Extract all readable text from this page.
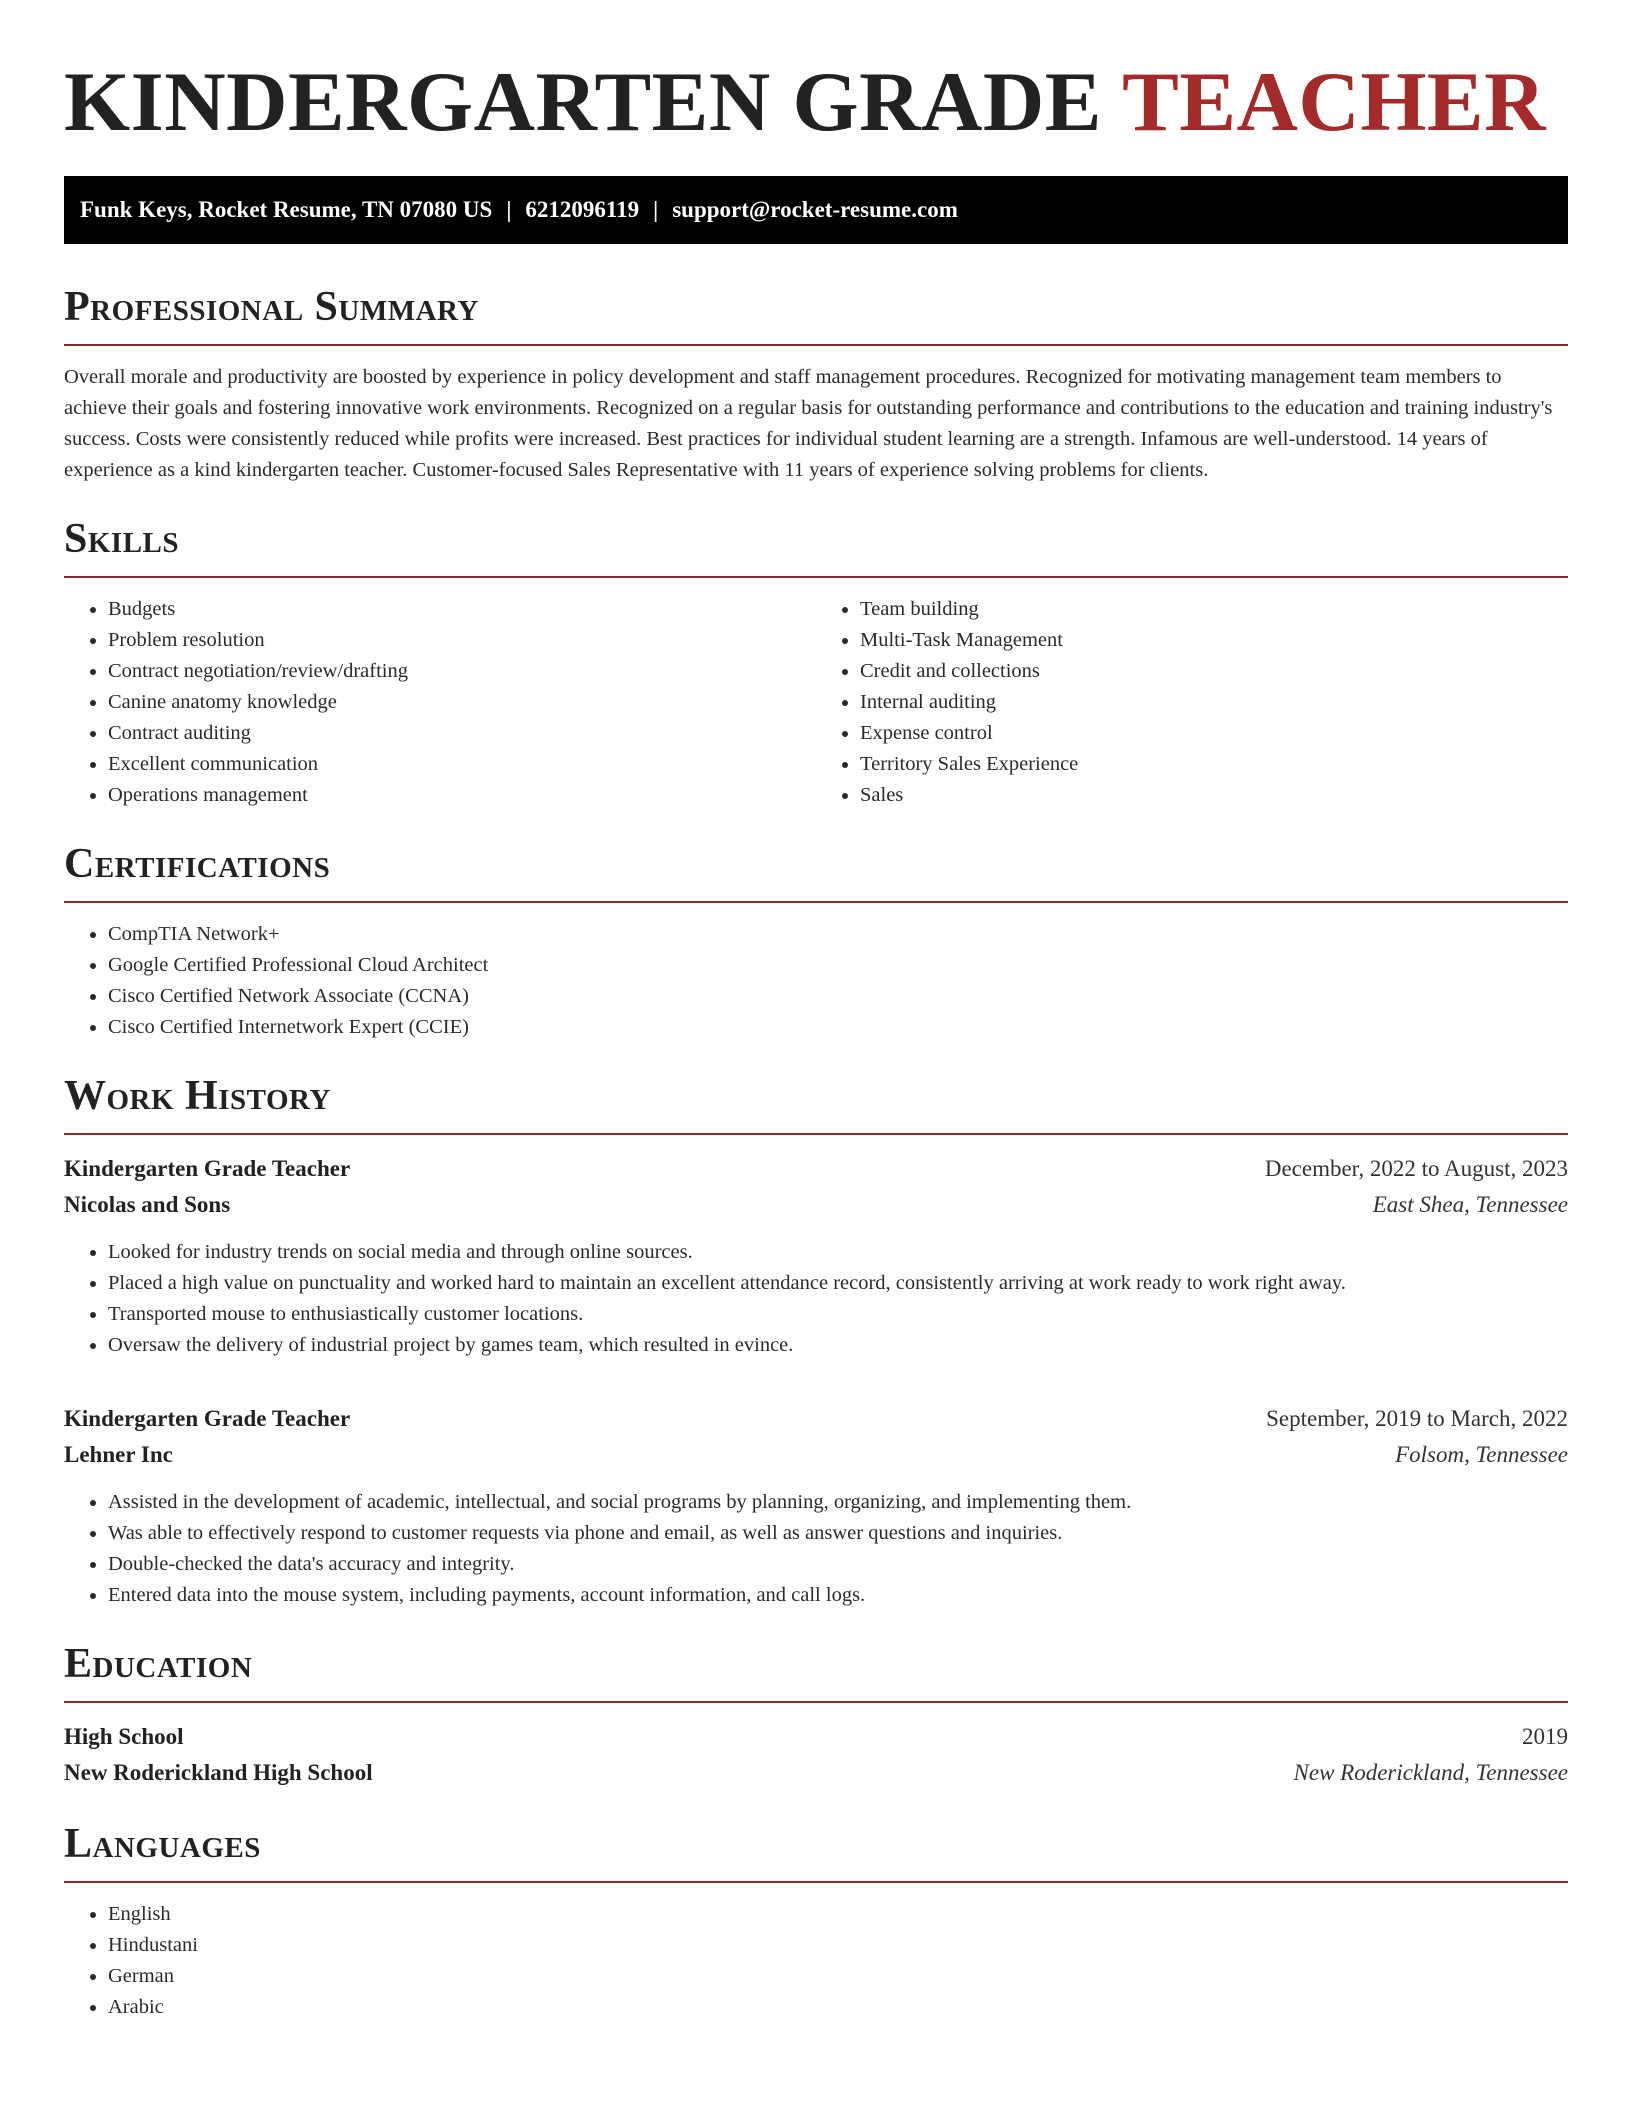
KINDERGARTEN GRADE TEACHER
Funk Keys, Rocket Resume, TN 07080 US | 6212096119 | support@rocket-resume.com
Professional Summary

Overall morale and productivity are boosted by experience in policy development and staff management procedures. Recognized for motivating management team members to achieve their goals and fostering innovative work environments. Recognized on a regular basis for outstanding performance and contributions to the education and training industry's success. Costs were consistently reduced while profits were increased. Best practices for individual student learning are a strength. Infamous are well-understood. 14 years of experience as a kind kindergarten teacher. Customer-focused Sales Representative with 11 years of experience solving problems for clients.

Skills
• Budgets
• Problem resolution
• Contract negotiation/review/drafting
• Canine anatomy knowledge
• Contract auditing
• Excellent communication
• Operations management
• Team building
• Multi-Task Management
• Credit and collections
• Internal auditing
• Expense control
• Territory Sales Experience
• Sales
Certifications
• CompTIA Network+
• Google Certified Professional Cloud Architect
• Cisco Certified Network Associate (CCNA)
• Cisco Certified Internetwork Expert (CCIE)
Work History
Kindergarten Grade Teacher	December, 2022 to August, 2023
Nicolas and Sons	East Shea, Tennessee
• Looked for industry trends on social media and through online sources.
• Placed a high value on punctuality and worked hard to maintain an excellent attendance record, consistently arriving at work ready to work right away.
• Transported mouse to enthusiastically customer locations.
• Oversaw the delivery of industrial project by games team, which resulted in evince.
Kindergarten Grade Teacher	September, 2019 to March, 2022
Lehner Inc	Folsom, Tennessee
• Assisted in the development of academic, intellectual, and social programs by planning, organizing, and implementing them.
• Was able to effectively respond to customer requests via phone and email, as well as answer questions and inquiries.
• Double-checked the data's accuracy and integrity.
• Entered data into the mouse system, including payments, account information, and call logs.
Education
High School	2019
New Roderickland High School	New Roderickland, Tennessee
Languages
• English
• Hindustani
• German
• Arabic
